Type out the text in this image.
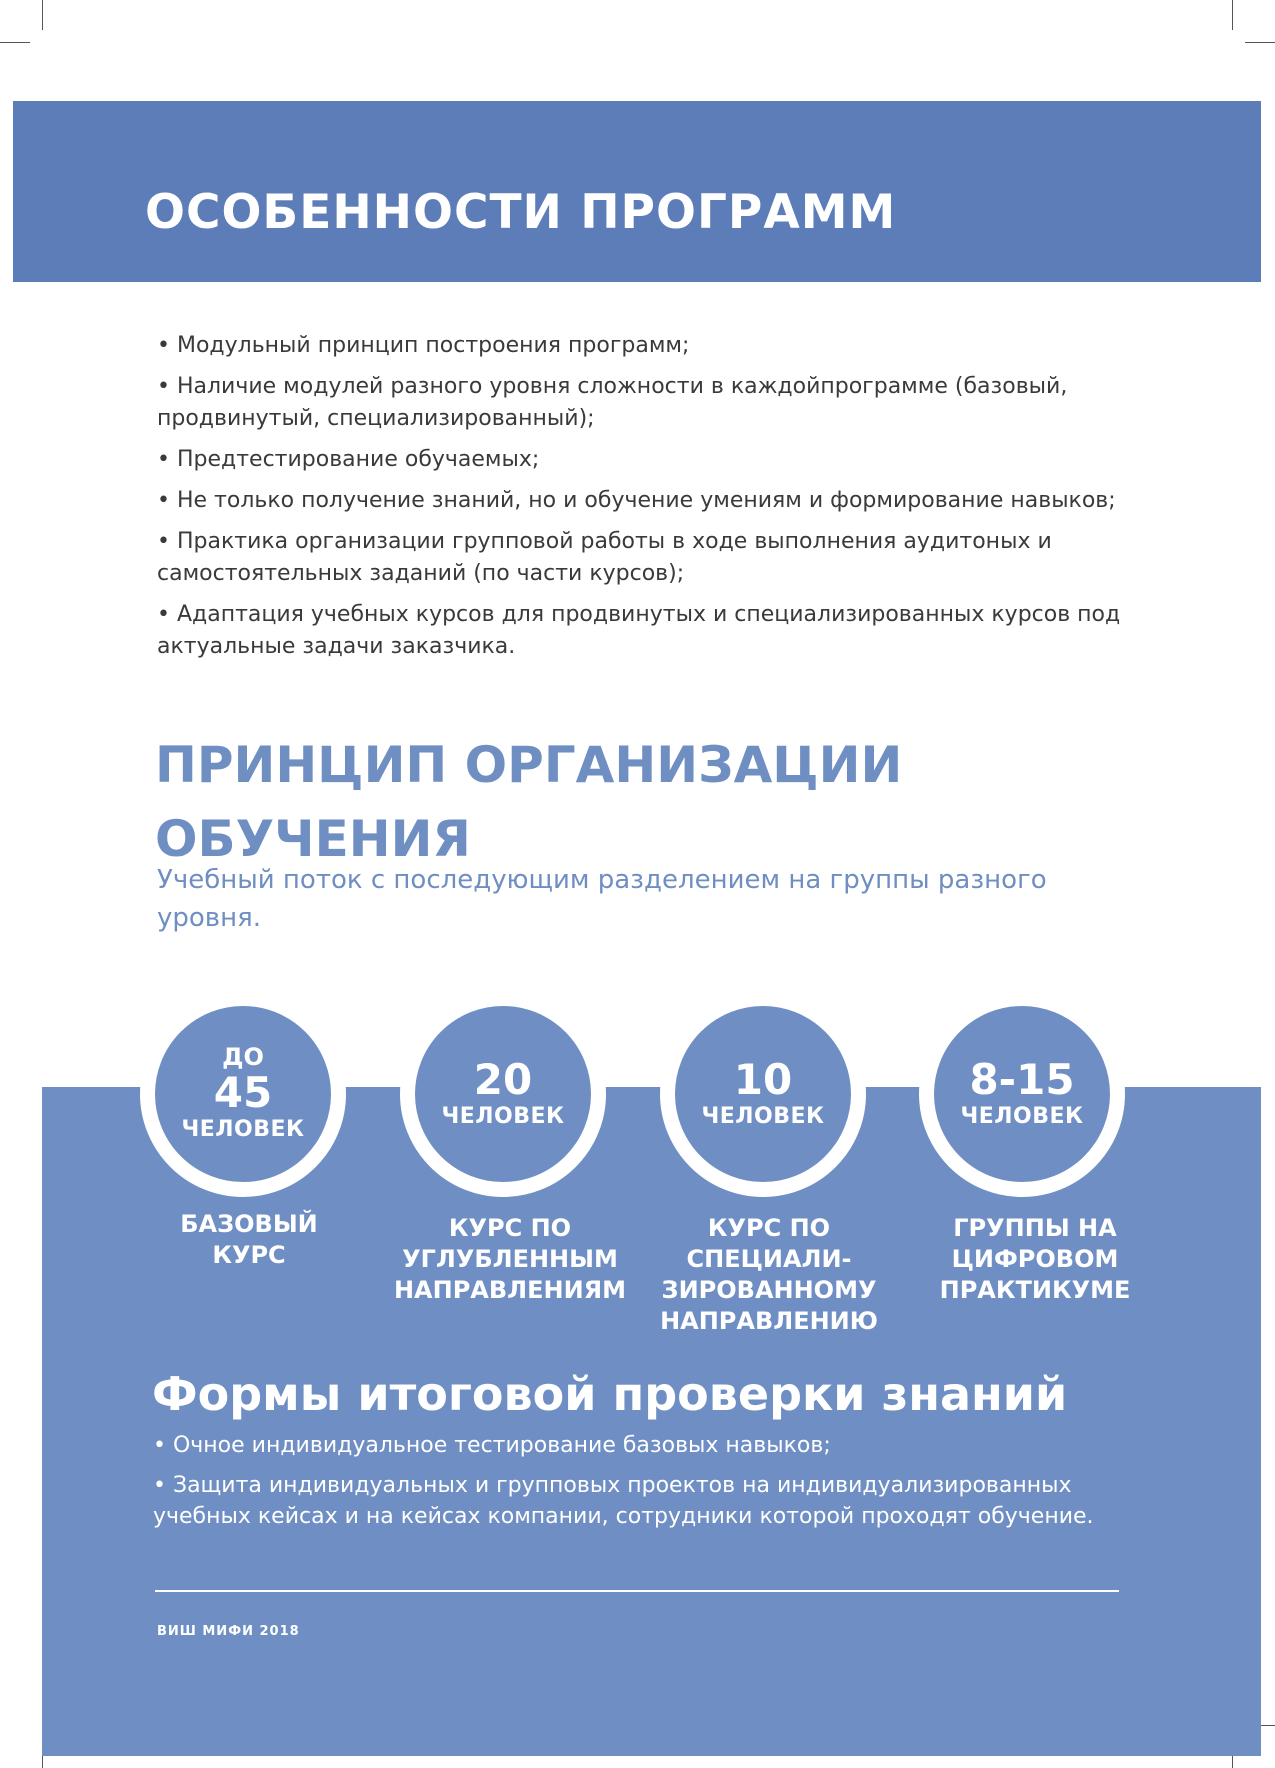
ОСОБЕННОСТИ ПРОГРАММ
• Модульный принцип построения программ;
• Наличие модулей разного уровня сложности в каждойпрограмме (базовый, продвинутый, специализированный);
• Предтестирование обучаемых;
• Не только получение знаний, но и обучение умениям и формирование навыков;
• Практика организации групповой работы в ходе выполнения аудитоных и самостоятельных заданий (по части курсов);
• Адаптация учебных курсов для продвинутых и специализированных курсов под актуальные задачи заказчика.
ПРИНЦИП ОРГАНИЗАЦИИ ОБУЧЕНИЯ

Учебный поток с последующим разделением на группы разного уровня.

ДО
45
ЧЕЛОВЕК
20
ЧЕЛОВЕК
10
ЧЕЛОВЕК
8-15
ЧЕЛОВЕК

БАЗОВЫЙ КУРС

КУРС ПО УГЛУБЛЕННЫМ НАПРАВЛЕНИЯМ

КУРС ПО СПЕЦИАЛИ-ЗИРОВАННОМУ НАПРАВЛЕНИЮ

ГРУППЫ НА ЦИФРОВОМ ПРАКТИКУМЕ

Формы итоговой проверки знаний
• Очное индивидуальное тестирование базовых навыков;
• Защита индивидуальных и групповых проектов на индивидуализированных учебных кейсах и на кейсах компании, сотрудники которой проходят обучение.

ВИШ МИФИ 2018
